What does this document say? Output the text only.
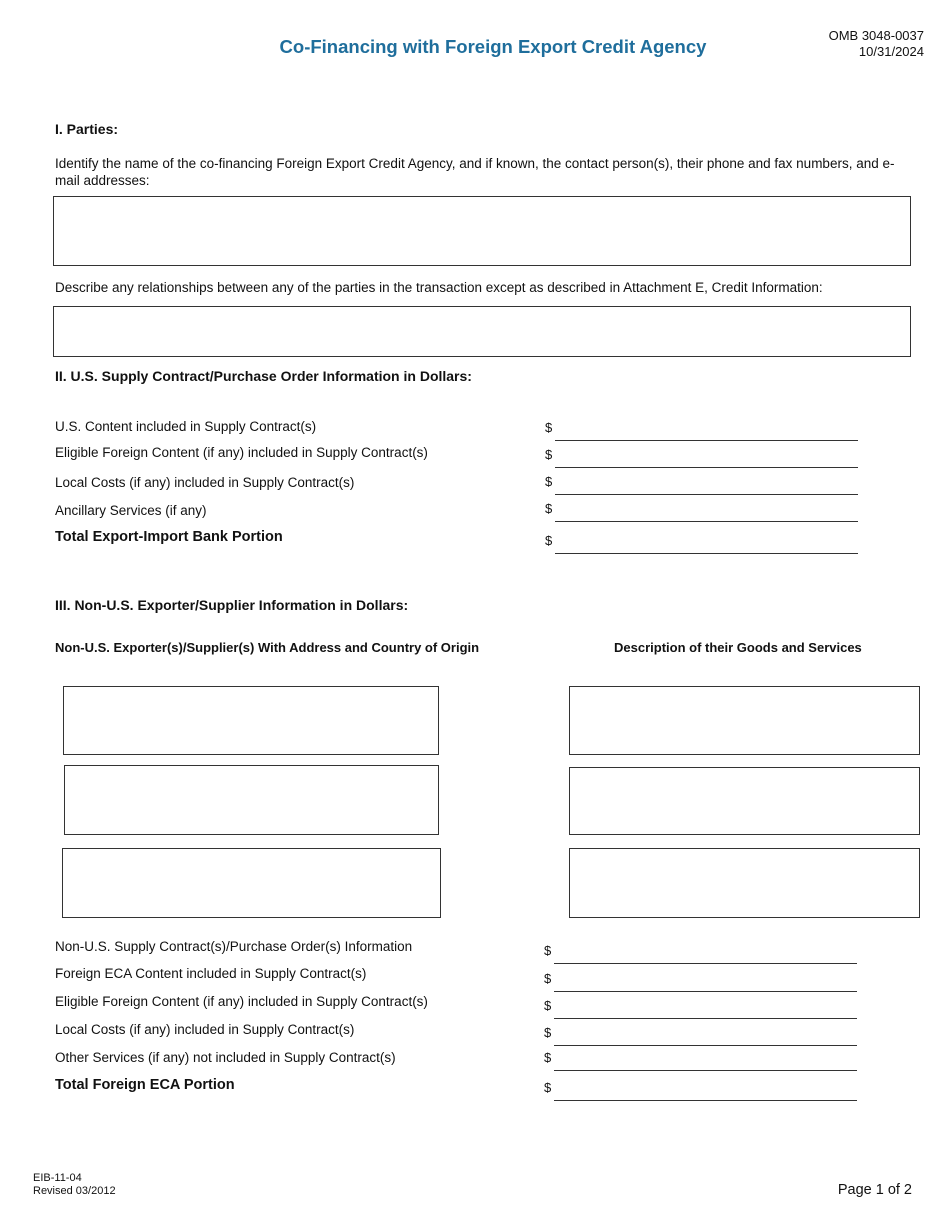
Co-Financing with Foreign Export Credit Agency
OMB 3048-0037
10/31/2024
I. Parties:
Identify the name of the co-financing Foreign Export Credit Agency, and if known, the contact person(s), their phone and fax numbers, and e-mail addresses:
Describe any relationships between any of the parties in the transaction except as described in Attachment E, Credit Information:
II. U.S. Supply Contract/Purchase Order Information in Dollars:
U.S. Content included in Supply Contract(s)	$
Eligible Foreign Content (if any) included in Supply Contract(s)	$
Local Costs (if any) included in Supply Contract(s)	$
Ancillary Services (if any)	$
Total Export-Import Bank Portion	$
III. Non-U.S. Exporter/Supplier Information in Dollars:
Non-U.S. Exporter(s)/Supplier(s) With Address and Country of Origin	Description of their Goods and Services
Non-U.S. Supply Contract(s)/Purchase Order(s) Information	$
Foreign ECA Content included in Supply Contract(s)	$
Eligible Foreign Content (if any) included in Supply Contract(s)	$
Local Costs (if any) included in Supply Contract(s)	$
Other Services (if any) not included in Supply Contract(s)	$
Total Foreign ECA Portion	$
EIB-11-04
Revised 03/2012	Page 1 of 2
